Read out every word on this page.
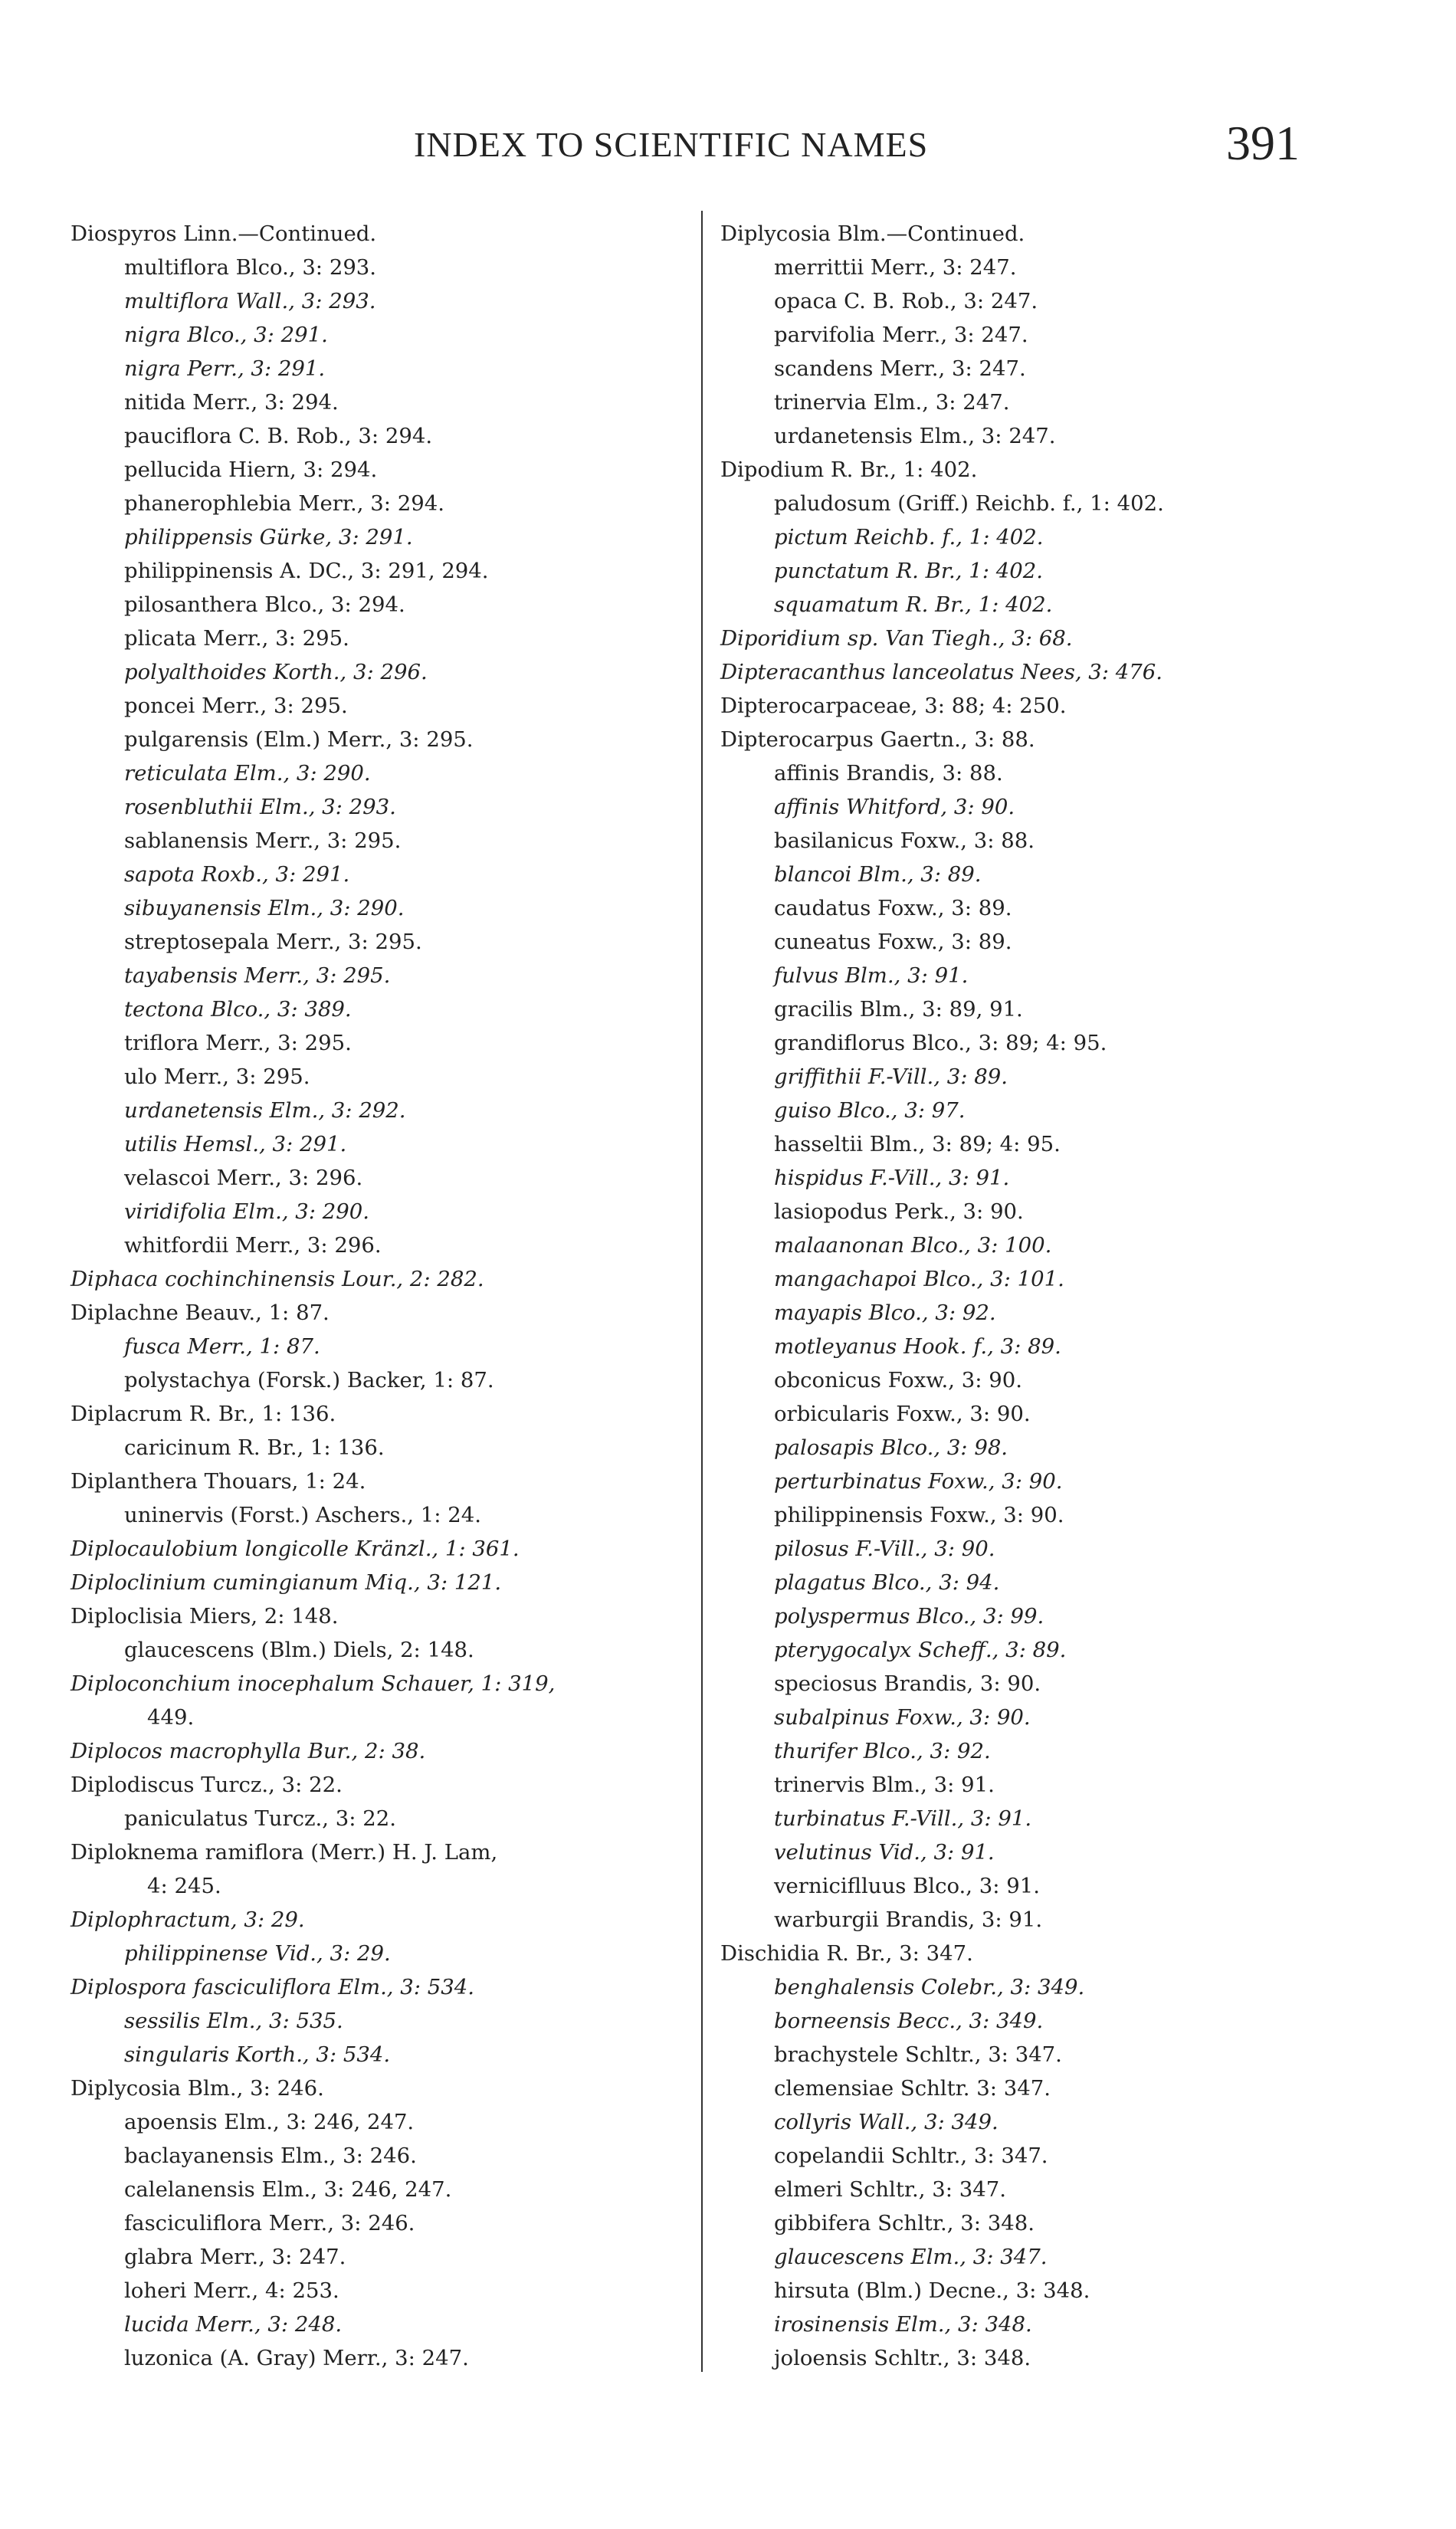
INDEX TO SCIENTIFIC NAMES	391
Diospyros Linn.—Continued.
multiflora Blco., 3: 293.
multiflora Wall., 3: 293.
nigra Blco., 3: 291.
nigra Perr., 3: 291.
nitida Merr., 3: 294.
pauciflora C. B. Rob., 3: 294.
pellucida Hiern, 3: 294.
phanerophlebia Merr., 3: 294.
philippensis Gürke, 3: 291.
philippinensis A. DC., 3: 291, 294.
pilosanthera Blco., 3: 294.
plicata Merr., 3: 295.
polyalthoides Korth., 3: 296.
poncei Merr., 3: 295.
pulgarensis (Elm.) Merr., 3: 295.
reticulata Elm., 3: 290.
rosenbluthii Elm., 3: 293.
sablanensis Merr., 3: 295.
sapota Roxb., 3: 291.
sibuyanensis Elm., 3: 290.
streptosepala Merr., 3: 295.
tayabensis Merr., 3: 295.
tectona Blco., 3: 389.
triflora Merr., 3: 295.
ulo Merr., 3: 295.
urdanetensis Elm., 3: 292.
utilis Hemsl., 3: 291.
velascoi Merr., 3: 296.
viridifolia Elm., 3: 290.
whitfordii Merr., 3: 296.
Diphaca cochinchinensis Lour., 2: 282.
Diplachne Beauv., 1: 87.
fusca Merr., 1: 87.
polystachya (Forsk.) Backer, 1: 87.
Diplacrum R. Br., 1: 136.
caricinum R. Br., 1: 136.
Diplanthera Thouars, 1: 24.
uninervis (Forst.) Aschers., 1: 24.
Diplocaulobium longicolle Kränzl., 1: 361.
Diploclinium cumingianum Miq., 3: 121.
Diploclisia Miers, 2: 148.
glaucescens (Blm.) Diels, 2: 148.
Diploconchium inocephalum Schauer, 1: 319,
449.
Diplocos macrophylla Bur., 2: 38.
Diplodiscus Turcz., 3: 22.
paniculatus Turcz., 3: 22.
Diploknema ramiflora (Merr.) H. J. Lam,
4: 245.
Diplophractum, 3: 29.
philippinense Vid., 3: 29.
Diplospora fasciculiflora Elm., 3: 534.
sessilis Elm., 3: 535.
singularis Korth., 3: 534.
Diplycosia Blm., 3: 246.
apoensis Elm., 3: 246, 247.
baclayanensis Elm., 3: 246.
calelanensis Elm., 3: 246, 247.
fasciculiflora Merr., 3: 246.
glabra Merr., 3: 247.
loheri Merr., 4: 253.
lucida Merr., 3: 248.
luzonica (A. Gray) Merr., 3: 247.
Diplycosia Blm.—Continued.
merrittii Merr., 3: 247.
opaca C. B. Rob., 3: 247.
parvifolia Merr., 3: 247.
scandens Merr., 3: 247.
trinervia Elm., 3: 247.
urdanetensis Elm., 3: 247.
Dipodium R. Br., 1: 402.
paludosum (Griff.) Reichb. f., 1: 402.
pictum Reichb. f., 1: 402.
punctatum R. Br., 1: 402.
squamatum R. Br., 1: 402.
Diporidium sp. Van Tiegh., 3: 68.
Dipteracanthus lanceolatus Nees, 3: 476.
Dipterocarpaceae, 3: 88; 4: 250.
Dipterocarpus Gaertn., 3: 88.
affinis Brandis, 3: 88.
affinis Whitford, 3: 90.
basilanicus Foxw., 3: 88.
blancoi Blm., 3: 89.
caudatus Foxw., 3: 89.
cuneatus Foxw., 3: 89.
fulvus Blm., 3: 91.
gracilis Blm., 3: 89, 91.
grandiflorus Blco., 3: 89; 4: 95.
griffithii F.-Vill., 3: 89.
guiso Blco., 3: 97.
hasseltii Blm., 3: 89; 4: 95.
hispidus F.-Vill., 3: 91.
lasiopodus Perk., 3: 90.
malaanonan Blco., 3: 100.
mangachapoi Blco., 3: 101.
mayapis Blco., 3: 92.
motleyanus Hook. f., 3: 89.
obconicus Foxw., 3: 90.
orbicularis Foxw., 3: 90.
palosapis Blco., 3: 98.
perturbinatus Foxw., 3: 90.
philippinensis Foxw., 3: 90.
pilosus F.-Vill., 3: 90.
plagatus Blco., 3: 94.
polyspermus Blco., 3: 99.
pterygocalyx Scheff., 3: 89.
speciosus Brandis, 3: 90.
subalpinus Foxw., 3: 90.
thurifer Blco., 3: 92.
trinervis Blm., 3: 91.
turbinatus F.-Vill., 3: 91.
velutinus Vid., 3: 91.
verniciflluus Blco., 3: 91.
warburgii Brandis, 3: 91.
Dischidia R. Br., 3: 347.
benghalensis Colebr., 3: 349.
borneensis Becc., 3: 349.
brachystele Schltr., 3: 347.
clemensiae Schltr. 3: 347.
collyris Wall., 3: 349.
copelandii Schltr., 3: 347.
elmeri Schltr., 3: 347.
gibbifera Schltr., 3: 348.
glaucescens Elm., 3: 347.
hirsuta (Blm.) Decne., 3: 348.
irosinensis Elm., 3: 348.
joloensis Schltr., 3: 348.
